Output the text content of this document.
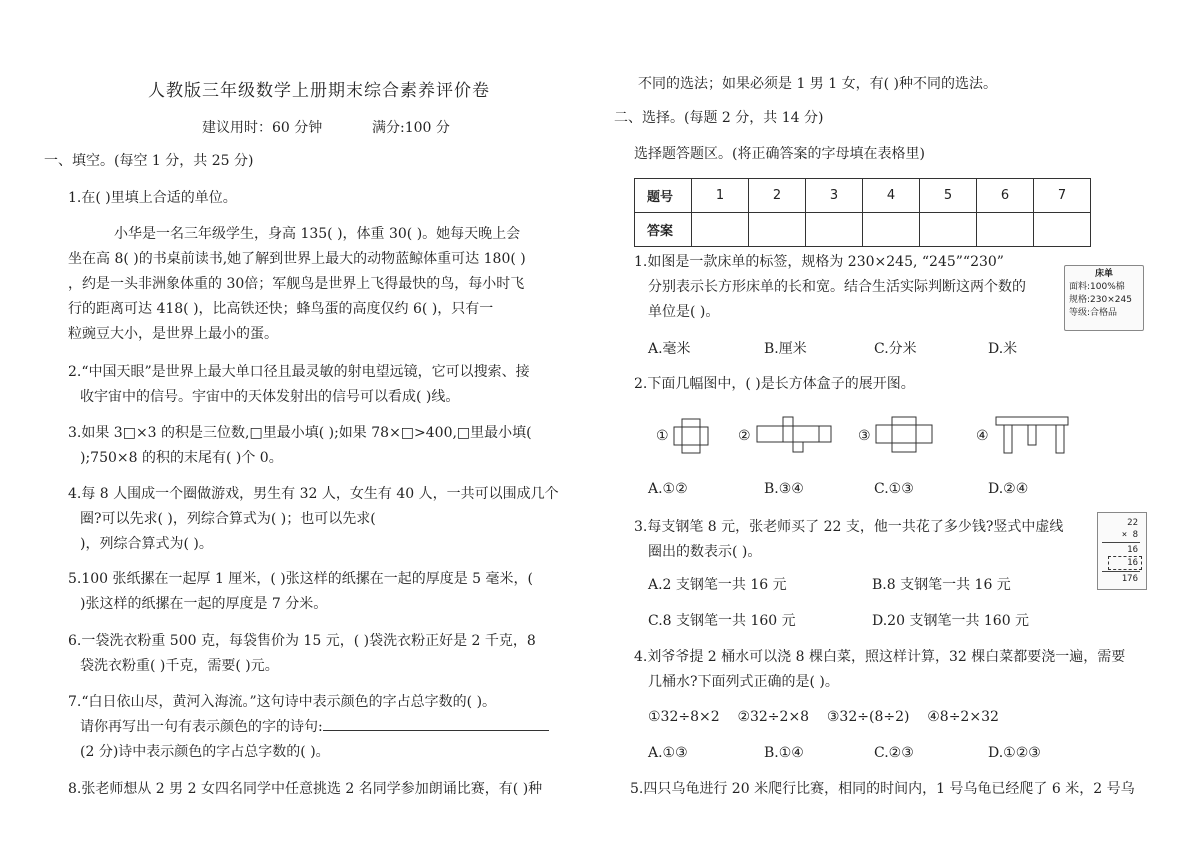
人教版三年级数学上册期末综合素养评价卷
建议用时：60 分钟	满分:100 分
一、填空。(每空 1 分，共 25 分)
1.在( )里填上合适的单位。
小华是一名三年级学生，身高 135( )，体重 30( )。她每天晚上会
坐在高 8( )的书桌前读书,她了解到世界上最大的动物蓝鲸体重可达 180( )
，约是一头非洲象体重的 30倍；军舰鸟是世界上飞得最快的鸟，每小时飞
行的距离可达 418( )，比高铁还快；蜂鸟蛋的高度仅约 6( )，只有一
粒豌豆大小，是世界上最小的蛋。
2.“中国天眼”是世界上最大单口径且最灵敏的射电望远镜，它可以搜索、接
收宇宙中的信号。宇宙中的天体发射出的信号可以看成( )线。
3.如果 3□×3 的积是三位数,□里最小填( );如果 78×□>400,□里最小填(
);750×8 的积的末尾有( )个 0。
4.每 8 人围成一个圈做游戏，男生有 32 人，女生有 40 人，一共可以围成几个
圈?可以先求( )，列综合算式为( )；也可以先求(
)，列综合算式为( )。
5.100 张纸摞在一起厚 1 厘米，( )张这样的纸摞在一起的厚度是 5 毫米，(
)张这样的纸摞在一起的厚度是 7 分米。
6.一袋洗衣粉重 500 克，每袋售价为 15 元，( )袋洗衣粉正好是 2 千克，8
袋洗衣粉重( )千克，需要( )元。
7.“白日依山尽，黄河入海流。”这句诗中表示颜色的字占总字数的( )。
请你再写出一句有表示颜色的字的诗句:
(2 分)诗中表示颜色的字占总字数的( )。
8.张老师想从 2 男 2 女四名同学中任意挑选 2 名同学参加朗诵比赛，有( )种
不同的选法；如果必须是 1 男 1 女，有( )种不同的选法。
二、选择。(每题 2 分，共 14 分)
选择题答题区。(将正确答案的字母填在表格里)
题号	1	2	3	4	5	6	7
答案							
1.如图是一款床单的标签，规格为 230×245, “245”“230”
分别表示长方形床单的长和宽。结合生活实际判断这两个数的
单位是( )。
床单
面料:100%棉
规格:230×245
等级:合格品
A.毫米	B.厘米	C.分米	D.米
2.下面几幅图中，( )是长方体盒子的展开图。
①	②	③	④
A.①②	B.③④	C.①③	D.②④
3.每支钢笔 8 元，张老师买了 22 支，他一共花了多少钱?竖式中虚线
圈出的数表示( )。
22
× 8
16
16
176
A.2 支钢笔一共 16 元	B.8 支钢笔一共 16 元
C.8 支钢笔一共 160 元	D.20 支钢笔一共 160 元
4.刘爷爷提 2 桶水可以浇 8 棵白菜，照这样计算，32 棵白菜都要浇一遍，需要
几桶水?下面列式正确的是( )。
①32÷8×2    ②32÷2×8    ③32÷(8÷2)    ④8÷2×32
A.①③	B.①④	C.②③	D.①②③
5.四只乌龟进行 20 米爬行比赛，相同的时间内，1 号乌龟已经爬了 6 米，2 号乌
